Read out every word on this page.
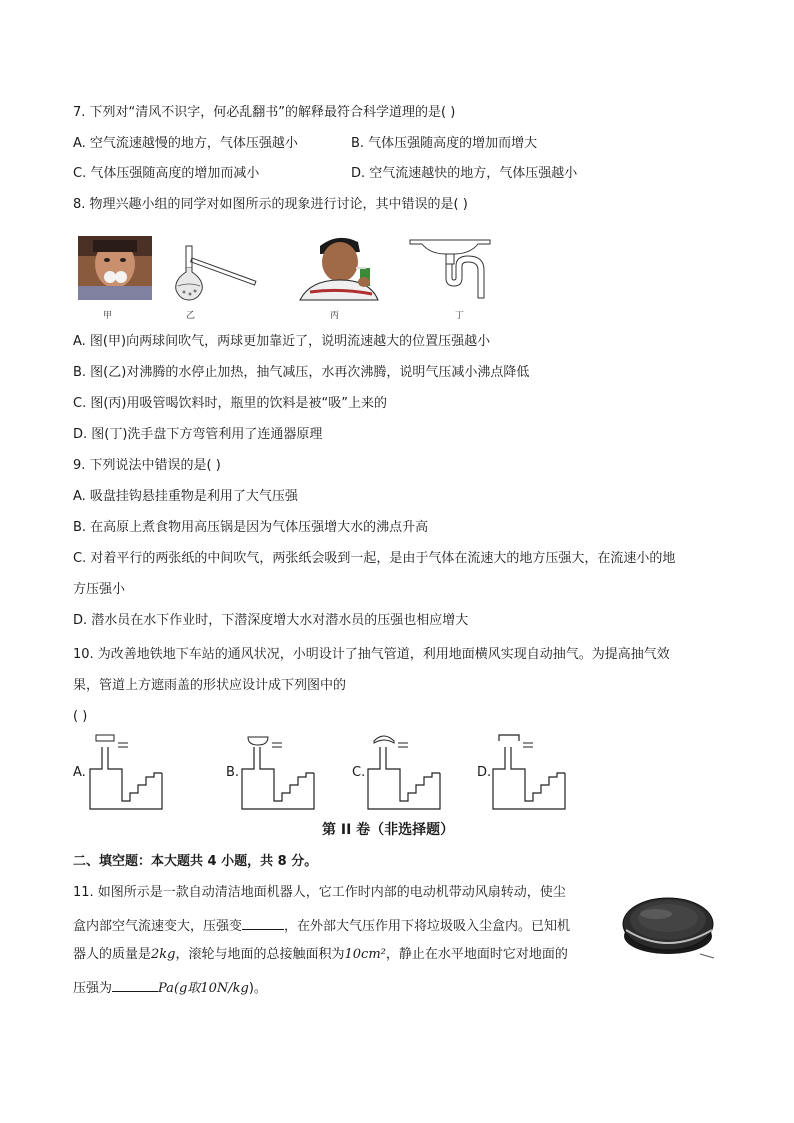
7. 下列对“清风不识字，何必乱翻书”的解释最符合科学道理的是( )
A. 空气流速越慢的地方，气体压强越小	B. 气体压强随高度的增加而增大
C. 气体压强随高度的增加而减小	D. 空气流速越快的地方，气体压强越小
8. 物理兴趣小组的同学对如图所示的现象进行讨论，其中错误的是( )
甲	乙	丙	丁
A. 图(甲)向两球间吹气，两球更加靠近了，说明流速越大的位置压强越小
B. 图(乙)对沸腾的水停止加热，抽气减压，水再次沸腾，说明气压减小沸点降低
C. 图(丙)用吸管喝饮料时，瓶里的饮料是被“吸”上来的
D. 图(丁)洗手盘下方弯管利用了连通器原理
9. 下列说法中错误的是( )
A. 吸盘挂钩悬挂重物是利用了大气压强
B. 在高原上煮食物用高压锅是因为气体压强增大水的沸点升高
C. 对着平行的两张纸的中间吹气，两张纸会吸到一起，是由于气体在流速大的地方压强大，在流速小的地
方压强小
D. 潜水员在水下作业时，下潜深度增大水对潜水员的压强也相应增大
10. 为改善地铁地下车站的通风状况，小明设计了抽气管道，利用地面横风实现自动抽气。为提高抽气效
果，管道上方遮雨盖的形状应设计成下列图中的
( )
A.	B.	C.	D.
第 II 卷（非选择题）
二、填空题：本大题共 4 小题，共 8 分。
11. 如图所示是一款自动清洁地面机器人，它工作时内部的电动机带动风扇转动，使尘
盒内部空气流速变大，压强变	，在外部大气压作用下将垃圾吸入尘盒内。已知机
器人的质量是2kg，滚轮与地面的总接触面积为10cm²，静止在水平地面时它对地面的
压强为	Pa(g取10N/kg)。
